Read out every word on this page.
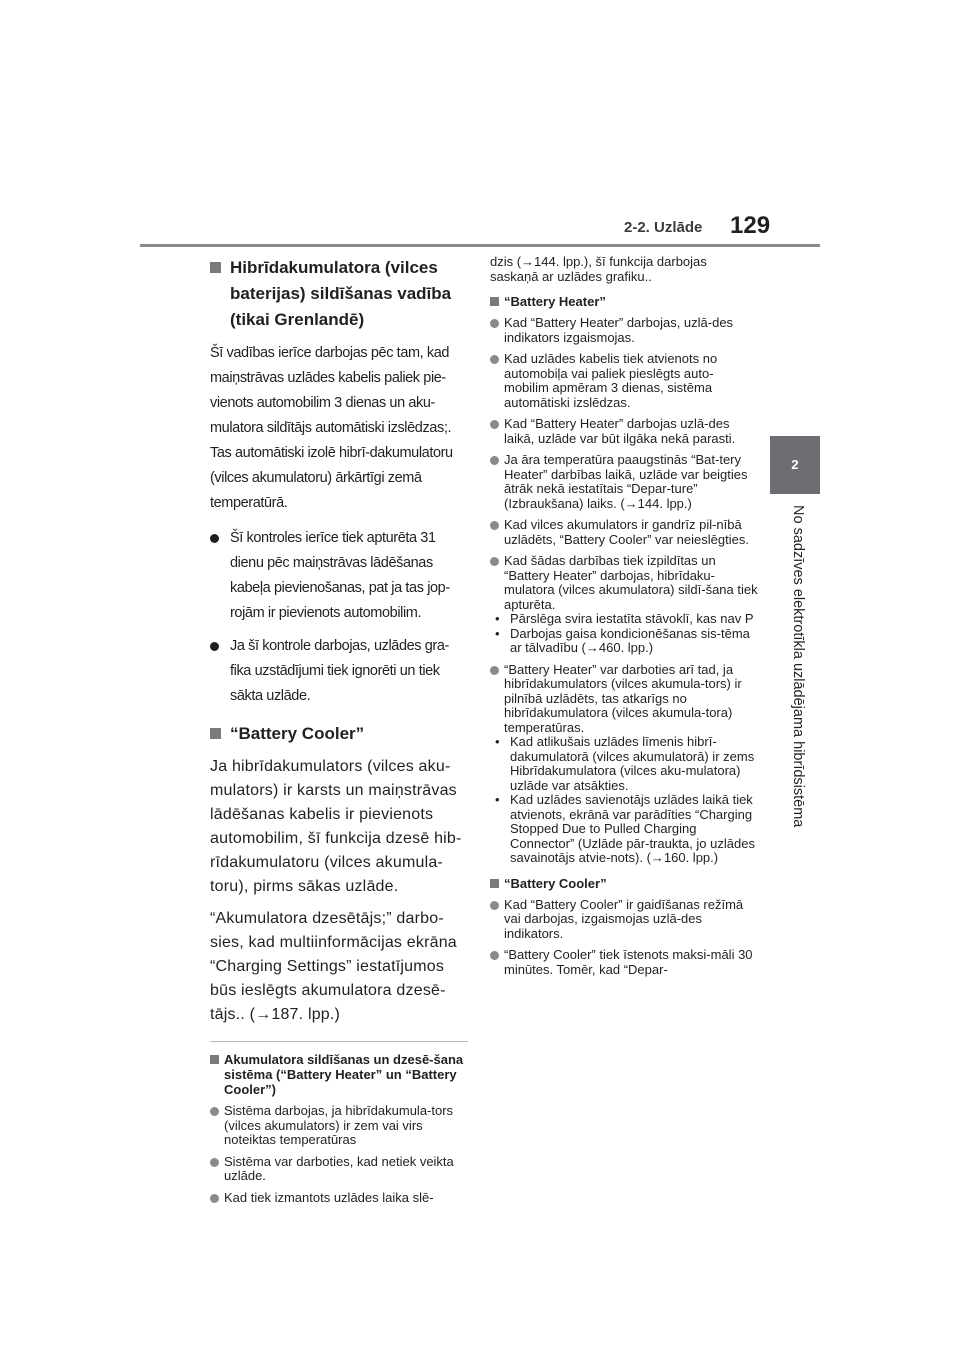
2-2. Uzlāde 129
2
No sadzīves elektrotīkla uzlādējama hibrīdsistēma
Hibrīdakumulatora (vilces baterijas) sildīšanas vadība (tikai Grenlandē)

Šī vadības ierīce darbojas pēc tam, kad maiņstrāvas uzlādes kabelis paliek pie-vienots automobilim 3 dienas un aku-mulatora sildītājs automātiski izslēdzas;. Tas automātiski izolē hibrī-dakumulatoru (vilces akumulatoru) ārkārtīgi zemā temperatūrā.

Šī kontroles ierīce tiek apturēta 31 dienu pēc maiņstrāvas lādēšanas kabeļa pievienošanas, pat ja tas jop-rojām ir pievienots automobilim.
Ja šī kontrole darbojas, uzlādes gra-fika uzstādījumi tiek ignorēti un tiek sākta uzlāde.
“Battery Cooler”

Ja hibrīdakumulators (vilces aku-mulators) ir karsts un maiņstrāvas lādēšanas kabelis ir pievienots automobilim, šī funkcija dzesē hib-rīdakumulatoru (vilces akumula-toru), pirms sākas uzlāde.

“Akumulatora dzesētājs;” darbo-sies, kad multiinformācijas ekrāna “Charging Settings” iestatījumos būs ieslēgts akumulatora dzesē-tājs.. (→187. lpp.)

Akumulatora sildīšanas un dzesē-šana sistēma (“Battery Heater” un “Battery Cooler”)
Sistēma darbojas, ja hibrīdakumula-tors (vilces akumulators) ir zem vai virs noteiktas temperatūras
Sistēma var darboties, kad netiek veikta uzlāde.
Kad tiek izmantots uzlādes laika slē-

dzis (→144. lpp.), šī funkcija darbojas saskaņā ar uzlādes grafiku..

“Battery Heater”
Kad “Battery Heater” darbojas, uzlā-des indikators izgaismojas.
Kad uzlādes kabelis tiek atvienots no automobiļa vai paliek pieslēgts auto-mobilim apmēram 3 dienas, sistēma automātiski izslēdzas.
Kad “Battery Heater” darbojas uzlā-des laikā, uzlāde var būt ilgāka nekā parasti.
Ja āra temperatūra paaugstinās “Bat-tery Heater” darbības laikā, uzlāde var beigties ātrāk nekā iestatītais “Depar-ture” (Izbraukšana) laiks. (→144. lpp.)
Kad vilces akumulators ir gandrīz pil-nībā uzlādēts, “Battery Cooler” var neieslēgties.
Kad šādas darbības tiek izpildītas un “Battery Heater” darbojas, hibrīdaku-mulatora (vilces akumulatora) sildī-šana tiek apturēta.
• Pārslēga svira iestatīta stāvoklī, kas nav P
• Darbojas gaisa kondicionēšanas sis-tēma ar tālvadību (→460. lpp.)
“Battery Heater” var darboties arī tad, ja hibrīdakumulators (vilces akumula-tors) ir pilnībā uzlādēts, tas atkarīgs no hibrīdakumulatora (vilces akumula-tora) temperatūras.
• Kad atlikušais uzlādes līmenis hibrī-dakumulatorā (vilces akumulatorā) ir zems Hibrīdakumulatora (vilces aku-mulatora) uzlāde var atsākties.
• Kad uzlādes savienotājs uzlādes laikā tiek atvienots, ekrānā var parādīties “Charging Stopped Due to Pulled Charging Connector” (Uzlāde pār-traukta, jo uzlādes savainotājs atvie-nots). (→160. lpp.)
“Battery Cooler”
Kad “Battery Cooler” ir gaidīšanas režīmā vai darbojas, izgaismojas uzlā-des indikators.
“Battery Cooler” tiek īstenots maksi-māli 30 minūtes. Tomēr, kad “Depar-
